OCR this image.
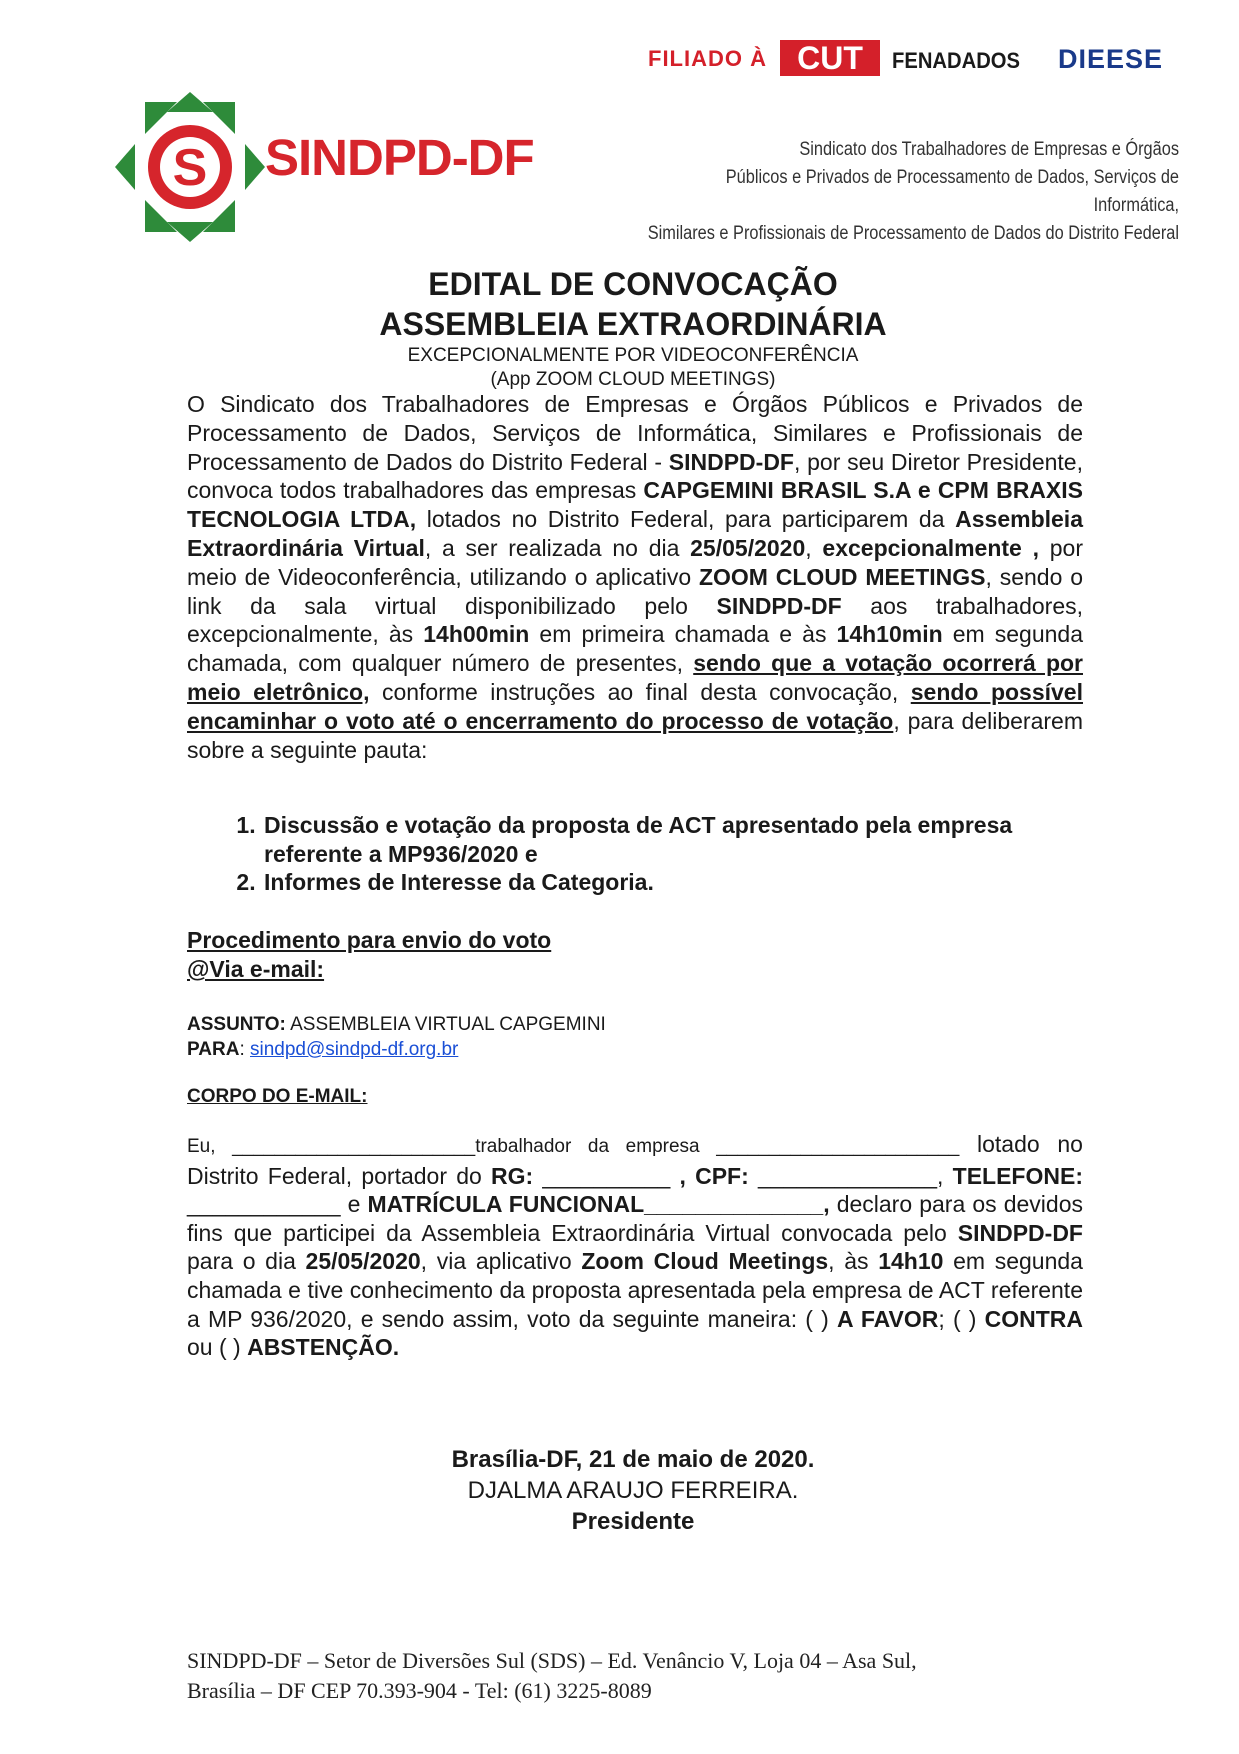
FILIADO À CUT FENADADOS DIEESE
S SINDPD-DF	Sindicato dos Trabalhadores de Empresas e Órgãos
Públicos e Privados de Processamento de Dados, Serviços de Informática,
Similares e Profissionais de Processamento de Dados do Distrito Federal
EDITAL DE CONVOCAÇÃO
ASSEMBLEIA EXTRAORDINÁRIA
EXCEPCIONALMENTE POR VIDEOCONFERÊNCIA
(App ZOOM CLOUD MEETINGS)
O Sindicato dos Trabalhadores de Empresas e Órgãos Públicos e Privados de Processamento de Dados, Serviços de Informática, Similares e Profissionais de Processamento de Dados do Distrito Federal - SINDPD-DF, por seu Diretor Presidente, convoca todos trabalhadores das empresas CAPGEMINI BRASIL S.A e CPM BRAXIS TECNOLOGIA LTDA, lotados no Distrito Federal, para participarem da Assembleia Extraordinária Virtual, a ser realizada no dia 25/05/2020, excepcionalmente , por meio de Videoconferência, utilizando o aplicativo ZOOM CLOUD MEETINGS, sendo o link da sala virtual disponibilizado pelo SINDPD-DF aos trabalhadores, excepcionalmente, às 14h00min em primeira chamada e às 14h10min em segunda chamada, com qualquer número de presentes, sendo que a votação ocorrerá por meio eletrônico, conforme instruções ao final desta convocação, sendo possível encaminhar o voto até o encerramento do processo de votação, para deliberarem sobre a seguinte pauta:
1. Discussão e votação da proposta de ACT apresentado pela empresa referente a MP936/2020 e
2. Informes de Interesse da Categoria.
Procedimento para envio do voto
@Via e-mail:
ASSUNTO: ASSEMBLEIA VIRTUAL CAPGEMINI
PARA: sindpd@sindpd-df.org.br
CORPO DO E-MAIL:
Eu, _______________________trabalhador da empresa _______________________ lotado no Distrito Federal, portador do RG: __________ , CPF: ______________, TELEFONE: ____________ e MATRÍCULA FUNCIONAL______________, declaro para os devidos fins que participei da Assembleia Extraordinária Virtual convocada pelo SINDPD-DF para o dia 25/05/2020, via aplicativo Zoom Cloud Meetings, às 14h10 em segunda chamada e tive conhecimento da proposta apresentada pela empresa de ACT referente a MP 936/2020, e sendo assim, voto da seguinte maneira: ( ) A FAVOR; ( ) CONTRA ou ( ) ABSTENÇÃO.
Brasília-DF, 21 de maio de 2020.
DJALMA ARAUJO FERREIRA.
Presidente
SINDPD-DF – Setor de Diversões Sul (SDS) – Ed. Venâncio V, Loja 04 – Asa Sul,
Brasília – DF CEP 70.393-904 - Tel: (61) 3225-8089
